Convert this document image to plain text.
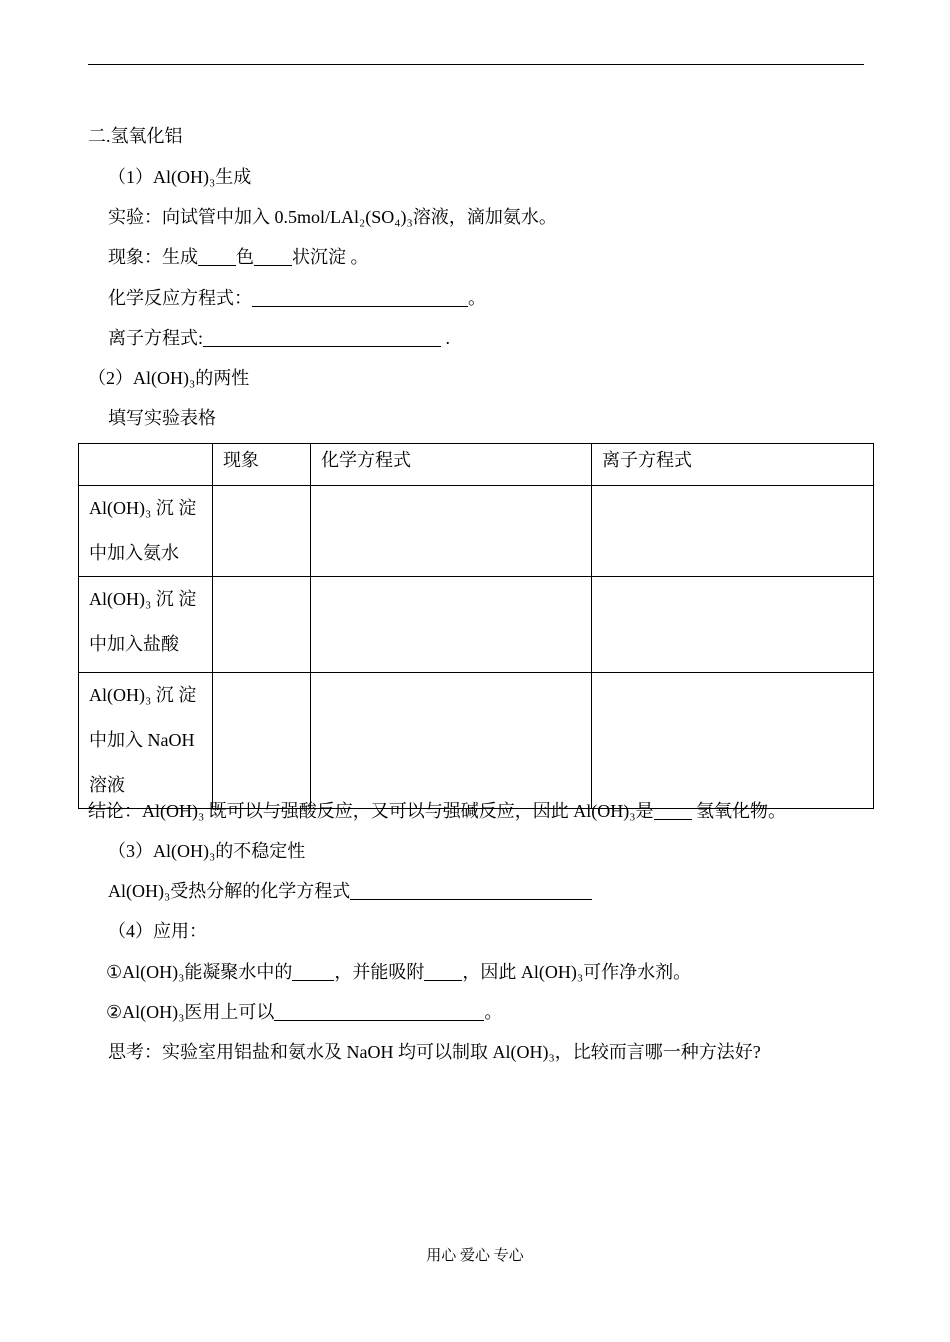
二.氢氧化铝
（1）Al(OH)₃生成
实验：向试管中加入 0.5mol/LAl₂(SO₄)₃溶液，滴加氨水。
现象：生成 色 状沉淀 。
化学反应方程式：	。
离子方程式:	.
（2）Al(OH)₃的两性
填写实验表格
	现象	化学方程式	离子方程式

Al(OH)₃ 沉 淀
中加入氨水			

Al(OH)₃ 沉 淀
中加入盐酸			

Al(OH)₃ 沉 淀
中加入 NaOH
溶液			

结论：Al(OH)₃ 既可以与强酸反应，又可以与强碱反应，因此 Al(OH)₃是 氢氧化物。
（3）Al(OH)₃的不稳定性
Al(OH)₃受热分解的化学方程式
（4）应用：
①Al(OH)₃能凝聚水中的 ，并能吸附 ，因此 Al(OH)₃可作净水剂。
②Al(OH)₃医用上可以	。
思考：实验室用铝盐和氨水及 NaOH 均可以制取 Al(OH)₃，比较而言哪一种方法好?
用心 爱心 专心
